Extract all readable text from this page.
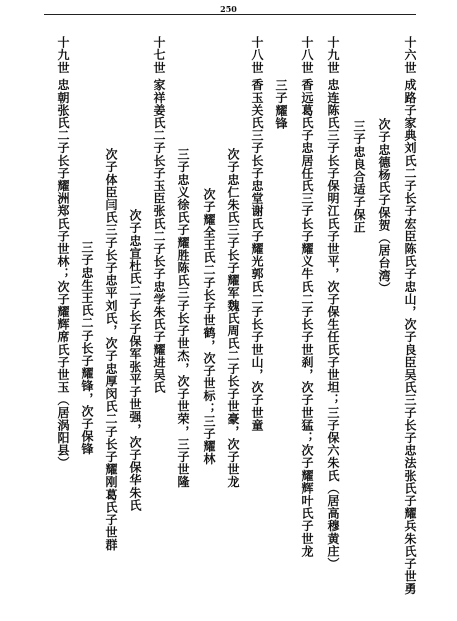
250
十六世 成路子家典刘氏二子长子宏臣陈氏子忠山，次子良臣吴氏三子长子忠法张氏子耀兵朱氏子世勇
次子忠德杨氏子保贺（居台湾）
三子忠良合适子保正
十九世 忠连陈氏三子长子保明江氏子世平，次子保生任氏子世坦；三子保六朱氏（居高穆黄庄）
十八世 香远葛氏子忠居任氏三子长子耀义牛氏二子长子世刹，次子世猛；次子耀辉叶氏子世龙
三子耀锋
十八世 香玉关氏三子长子忠堂谢氏子耀光郭氏二子长子世山，次子世童
次子忠仁朱氏三子长子耀军魏氏周氏二子长子世豪，次子世龙
次子耀全王氏二子长子世鹤，次子世标；三子耀林
三子忠义徐氏子耀胜陈氏三子长子世杰，次子世荣，三子世隆
十七世 家祥姜氏二子长子玉臣张氏二子长子忠学朱氏子耀进吴氏
次子忠宣杜氏二子长子保军张平子世强，次子保华朱氏
次子体臣闫氏三子长子忠平刘氏，次子忠厚闵氏二子长子耀刚葛氏子世群
三子忠生王氏二子长子耀锋，次子保锋
十九世 忠朝张氏二子长子耀洲郑氏子世林；次子耀辉席氏子世玉（居涡阳县）
